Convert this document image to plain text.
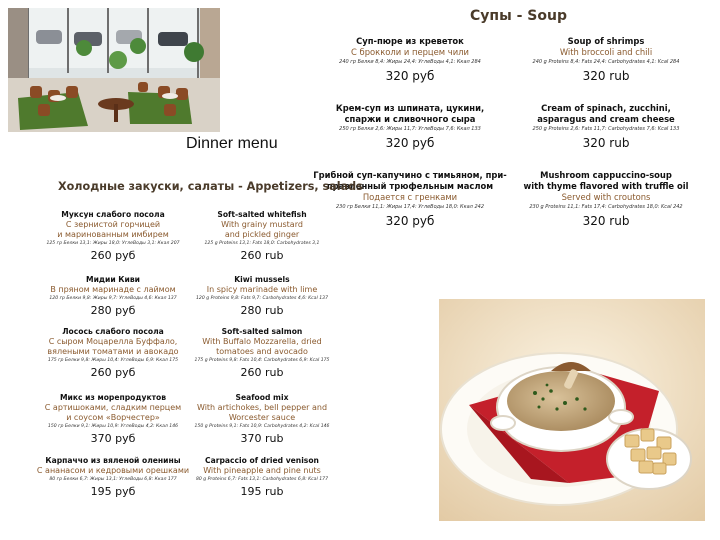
Dinner menu
Супы - Soup
Суп-пюре из креветок
С брокколи и перцем чили
240 гр Белки 8,4: Жиры 24,4: УглеВоды 4,1: Ккал 284
320 руб
Soup of shrimps
With broccoli and chili
240 g Proteins 8,4: Fats 24,4: Carbohydrates 4,1: Kcal 284
320 rub
Крем-суп из шпината, цукини,
спаржи и сливочного сыра
250 гр Белки 2,6: Жиры 11,7: УглеВоды 7,6: Ккал 133
320 руб
Cream of spinach, zucchini,
asparagus and cream cheese
250 g Proteins 2,6: Fats 11,7: Carbohydrates 7,6: Kcal 133
320 rub
Грибной суп-капучино с тимьяном, при-
правленный трюфельным маслом
Подается с гренками
230 гр Белки 11,1: Жиры 17,4: УглеВоды 18,0: Ккал 242
320 руб
Mushroom cappuccino-soup
with thyme flavored with truffle oil
Served with croutons
230 g Proteins 11,1: Fats 17,4: Carbohydrates 18,0: Kcal 242
320 rub
Холодные закуски, салаты - Appetizers, salads
Муксун слабого посола
С зернистой горчицей
и маринованным имбирем
125 гр Белки 13,1: Жиры 18,0: УглеВоды 3,1: Ккал 207
260 руб
Soft-salted whitefish
With grainy mustard
and pickled ginger
125 g Proteins 13,1: Fats 18,0: Carbohydrates 3,1
260 rub
Мидии Киви
В пряном маринаде с лаймом
120 гр Белки 9,8: Жиры 9,7: УглеВоды 4,6: Ккал 137
280 руб
Kiwi mussels
In spicy marinade with lime
120 g Proteins 9,8: Fats 9,7: Carbohydrates 4,6: Kcal 137
280 rub
Лосось слабого посола
С сыром Моцарелла Буффало,
вялеными томатами и авокадо
175 гр Белки 9,8: Жиры 10,4: УглеВоды 6,9: Ккал 175
260 руб
Soft-salted salmon
With Buffalo Mozzarella, dried
tomatoes and avocado
175 g Proteins 9,8: Fats 10,4: Carbohydrates 6,9: Kcal 175
260 rub
Микс из морепродуктов
С артишоками, сладким перцем
и соусом «Ворчестер»
150 гр Белки 9,1: Жиры 10,9: УглеВоды 4,2: Ккал 146
370 руб
Seafood mix
With artichokes, bell pepper and
Worcester sauce
150 g Proteins 9,1: Fats 10,9: Carbohydrates 4,2: Kcal 146
370 rub
Карпаччо из вяленой оленины
С ананасом и кедровыми орешками
80 гр Белки 6,7: Жиры 13,1: УглеВоды 6,8: Ккал 177
195 руб
Carpaccio of dried venison
With pineapple and pine nuts
80 g Proteins 6,7: Fats 13,1: Carbohydrates 6,8: Kcal 177
195 rub
